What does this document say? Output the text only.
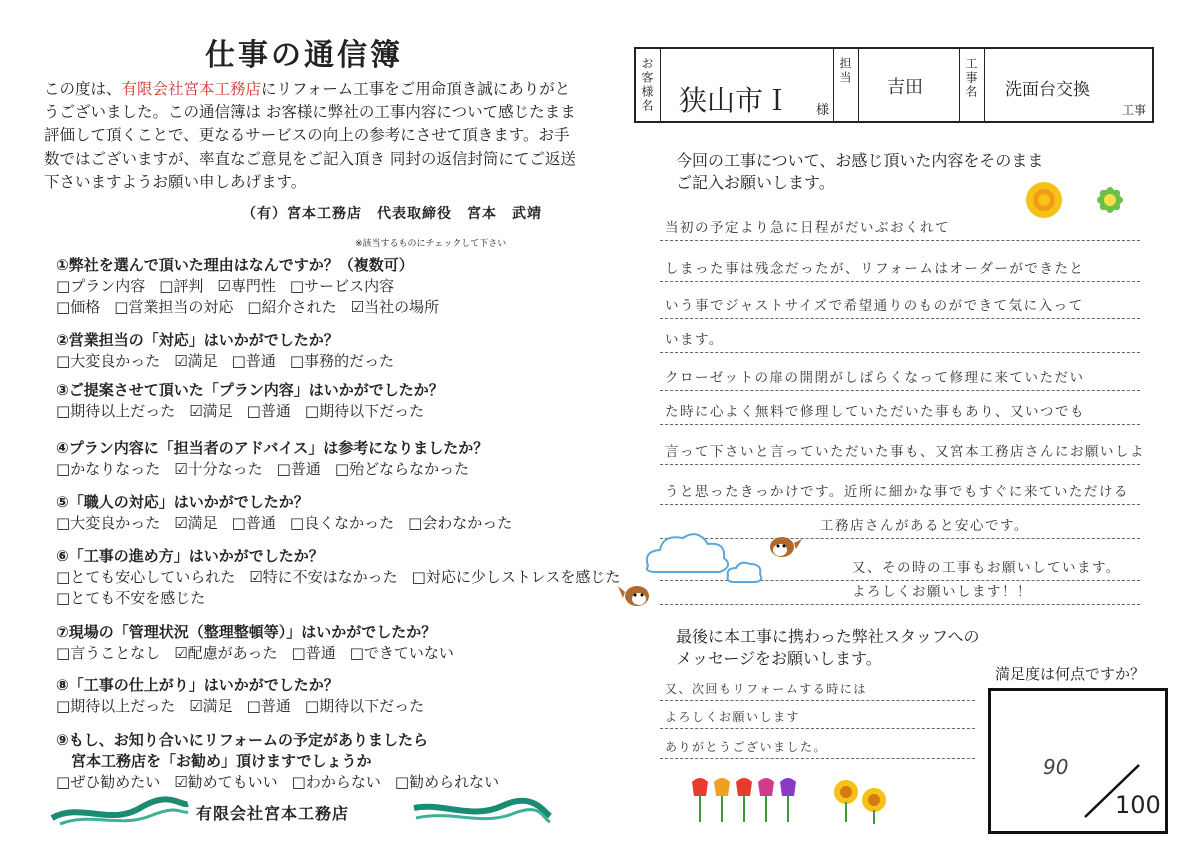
仕事の通信簿
この度は、有限会社宮本工務店にリフォーム工事をご用命頂き誠にありがとうございました。この通信簿は お客様に弊社の工事内容について感じたまま評価して頂くことで、更なるサービスの向上の参考にさせて頂きます。お手数ではございますが、率直なご意見をご記入頂き 同封の返信封筒にてご返送下さいますようお願い申しあげます。
（有）宮本工務店　代表取締役　宮本　武靖
※該当するものにチェックして下さい
①弊社を選んで頂いた理由はなんですか？（複数可）
□ プラン内容 □ 評判 ☑ 専門性 □ サービス内容
□ 価格 □ 営業担当の対応 □ 紹介された ☑ 当社の場所
②営業担当の「対応」はいかがでしたか？
□ 大変良かった ☑ 満足 □ 普通 □ 事務的だった
③ご提案させて頂いた「プラン内容」はいかがでしたか？
□ 期待以上だった ☑ 満足 □ 普通 □ 期待以下だった
④プラン内容に「担当者のアドバイス」は参考になりましたか？
□ かなりなった ☑ 十分なった □ 普通 □ 殆どならなかった
⑤「職人の対応」はいかがでしたか？
□ 大変良かった ☑ 満足 □ 普通 □ 良くなかった □ 会わなかった
⑥「工事の進め方」はいかがでしたか？
□ とても安心していられた ☑ 特に不安はなかった □ 対応に少しストレスを感じた
□ とても不安を感じた
⑦現場の「管理状況（整理整頓等）」はいかがでしたか？
□ 言うことなし ☑ 配慮があった □ 普通 □ できていない
⑧「工事の仕上がり」はいかがでしたか？
□ 期待以上だった ☑ 満足 □ 普通 □ 期待以下だった
⑨もし、お知り合いにリフォームの予定がありましたら
　宮本工務店を「お勧め」頂けますでしょうか
□ ぜひ勧めたい ☑ 勧めてもいい □ わからない □ 勧められない
有限会社宮本工務店
お客様名 狭山市Ｉ 様
担当
吉田	工事名 洗面台交換
工事
今回の工事について、お感じ頂いた内容をそのまま
ご記入お願いします。
当初の予定より急に日程がだいぶおくれて
しまった事は残念だったが、リフォームはオーダーができたと
いう事でジャストサイズで希望通りのものができて気に入って
います。
クローゼットの扉の開閉がしばらくなって修理に来ていただい
た時に心よく無料で修理していただいた事もあり、又いつでも
言って下さいと言っていただいた事も、又宮本工務店さんにお願いしよ
うと思ったきっかけです。近所に細かな事でもすぐに来ていただける
工務店さんがあると安心です。
又、その時の工事もお願いしています。
よろしくお願いします！！
最後に本工事に携わった弊社スタッフへの
メッセージをお願いします。
又、次回もリフォームする時には
よろしくお願いします
ありがとうございました。
満足度は何点ですか？
90
100
